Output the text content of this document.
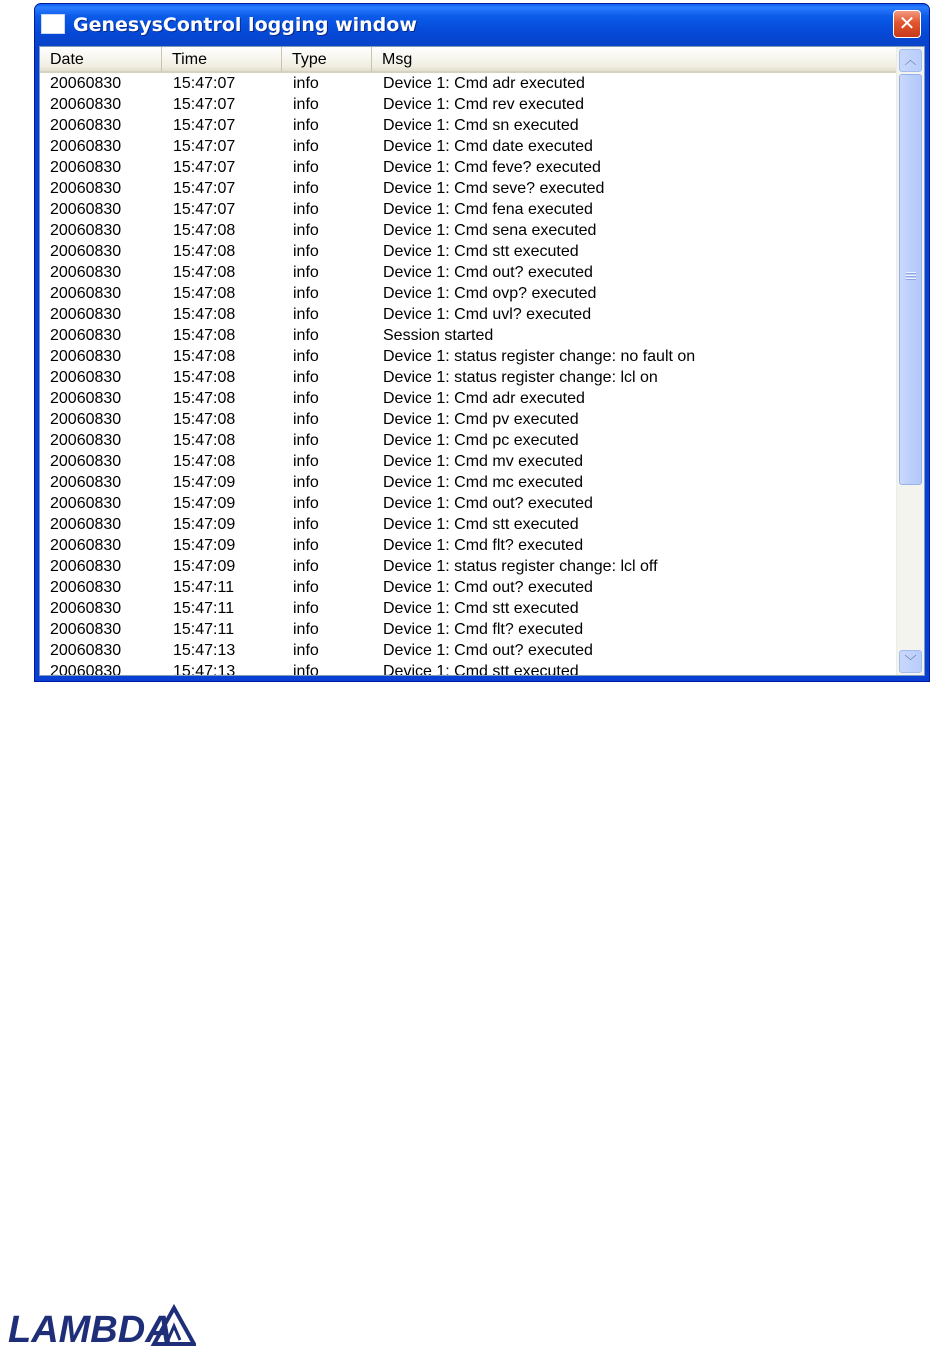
GenesysControl logging window	✕
Date	Time	Type	Msg
20060830	15:47:07	info	Device 1: Cmd adr executed
20060830	15:47:07	info	Device 1: Cmd rev executed
20060830	15:47:07	info	Device 1: Cmd sn executed
20060830	15:47:07	info	Device 1: Cmd date executed
20060830	15:47:07	info	Device 1: Cmd feve? executed
20060830	15:47:07	info	Device 1: Cmd seve? executed
20060830	15:47:07	info	Device 1: Cmd fena executed
20060830	15:47:08	info	Device 1: Cmd sena executed
20060830	15:47:08	info	Device 1: Cmd stt executed
20060830	15:47:08	info	Device 1: Cmd out? executed
20060830	15:47:08	info	Device 1: Cmd ovp? executed
20060830	15:47:08	info	Device 1: Cmd uvl? executed
20060830	15:47:08	info	Session started
20060830	15:47:08	info	Device 1: status register change: no fault on
20060830	15:47:08	info	Device 1: status register change: lcl on
20060830	15:47:08	info	Device 1: Cmd adr executed
20060830	15:47:08	info	Device 1: Cmd pv executed
20060830	15:47:08	info	Device 1: Cmd pc executed
20060830	15:47:08	info	Device 1: Cmd mv executed
20060830	15:47:09	info	Device 1: Cmd mc executed
20060830	15:47:09	info	Device 1: Cmd out? executed
20060830	15:47:09	info	Device 1: Cmd stt executed
20060830	15:47:09	info	Device 1: Cmd flt? executed
20060830	15:47:09	info	Device 1: status register change: lcl off
20060830	15:47:11	info	Device 1: Cmd out? executed
20060830	15:47:11	info	Device 1: Cmd stt executed
20060830	15:47:11	info	Device 1: Cmd flt? executed
20060830	15:47:13	info	Device 1: Cmd out? executed
20060830	15:47:13	info	Device 1: Cmd stt executed
︿
﹀
LAMBDA
